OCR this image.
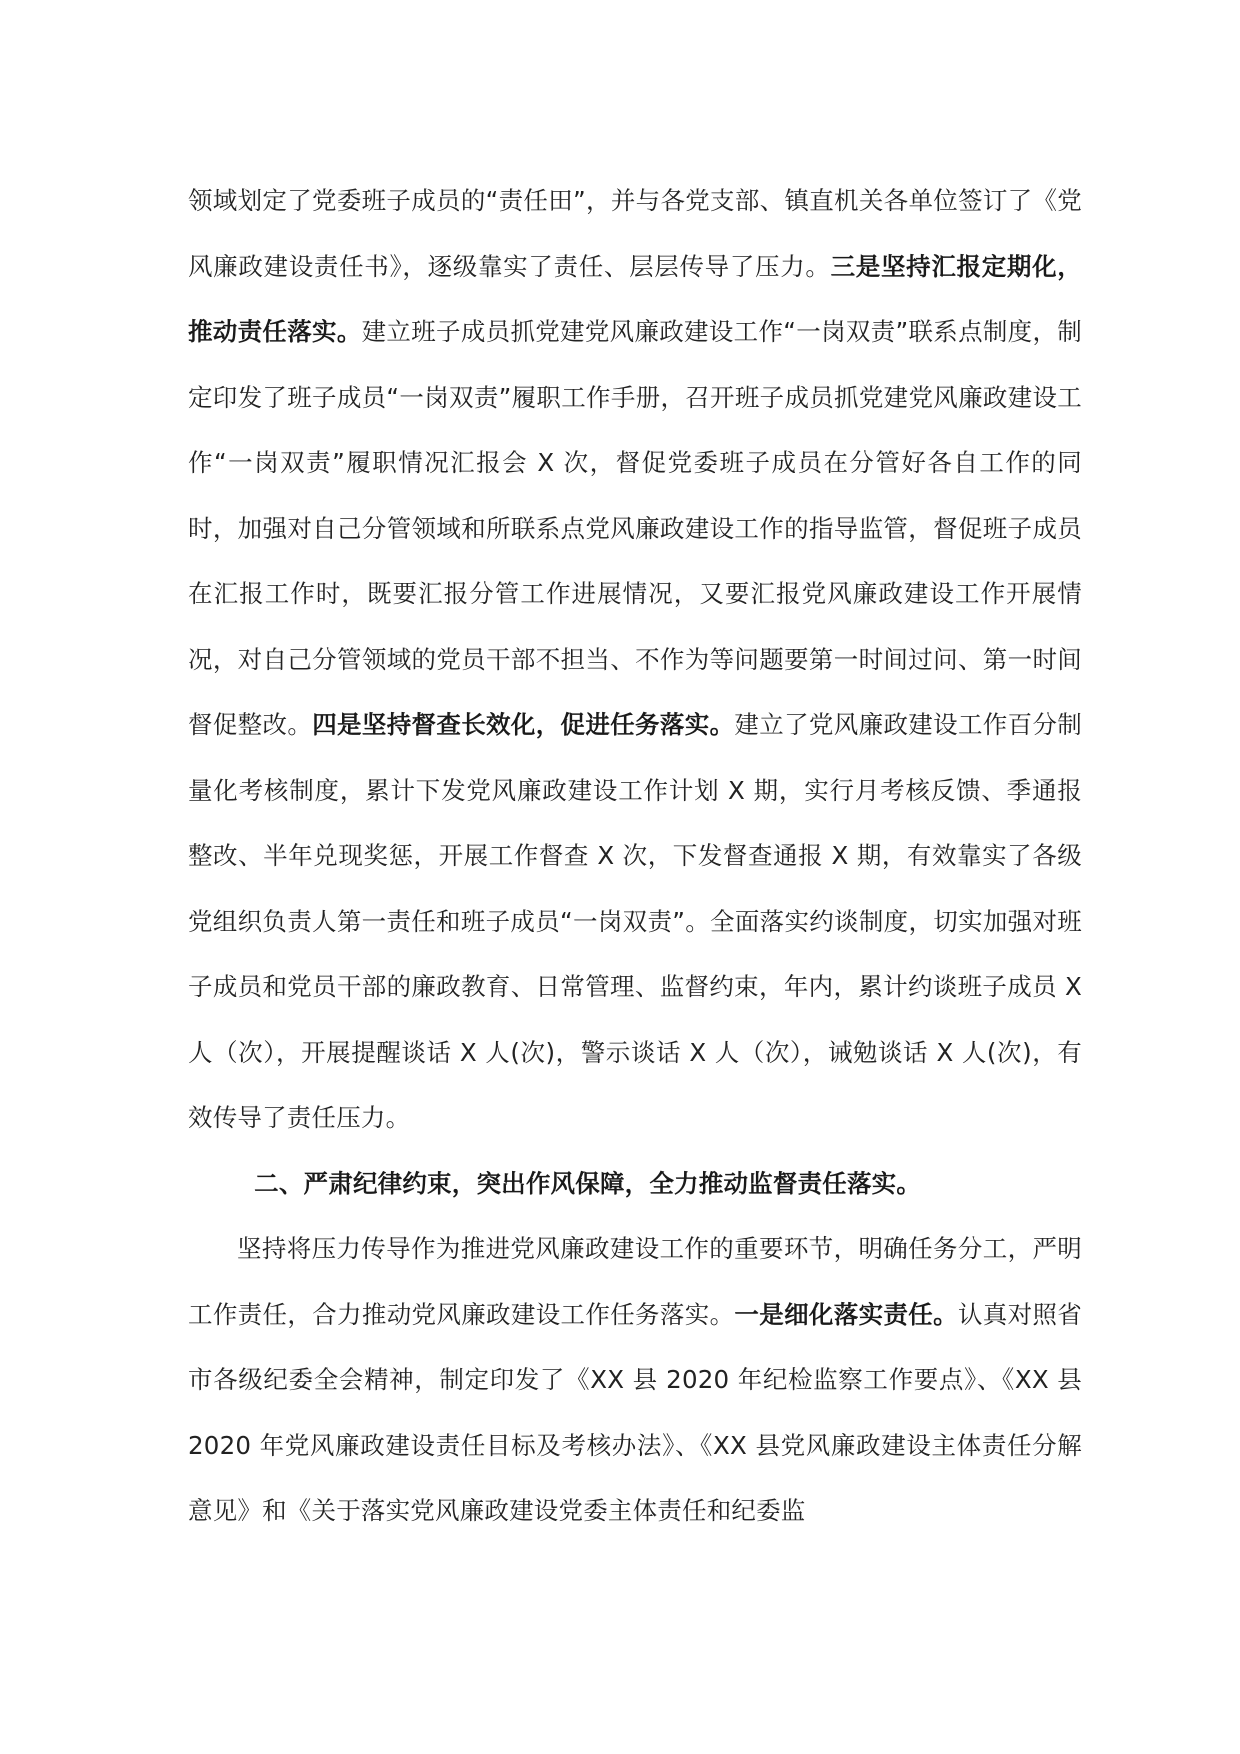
领域划定了党委班子成员的“责任田”，并与各党支部、镇直机关各单位签订了《党风廉政建设责任书》，逐级靠实了责任、层层传导了压力。三是坚持汇报定期化，推动责任落实。建立班子成员抓党建党风廉政建设工作“一岗双责”联系点制度，制定印发了班子成员“一岗双责”履职工作手册，召开班子成员抓党建党风廉政建设工作“一岗双责”履职情况汇报会 X 次，督促党委班子成员在分管好各自工作的同时，加强对自己分管领域和所联系点党风廉政建设工作的指导监管，督促班子成员在汇报工作时，既要汇报分管工作进展情况，又要汇报党风廉政建设工作开展情况，对自己分管领域的党员干部不担当、不作为等问题要第一时间过问、第一时间督促整改。四是坚持督查长效化，促进任务落实。建立了党风廉政建设工作百分制量化考核制度，累计下发党风廉政建设工作计划 X 期，实行月考核反馈、季通报整改、半年兑现奖惩，开展工作督查 X 次，下发督查通报 X 期，有效靠实了各级党组织负责人第一责任和班子成员“一岗双责”。全面落实约谈制度，切实加强对班子成员和党员干部的廉政教育、日常管理、监督约束，年内，累计约谈班子成员 X 人（次），开展提醒谈话 X 人(次)，警示谈话 X 人（次），诫勉谈话 X 人(次)，有效传导了责任压力。

二、严肃纪律约束，突出作风保障，全力推动监督责任落实。

坚持将压力传导作为推进党风廉政建设工作的重要环节，明确任务分工，严明工作责任，合力推动党风廉政建设工作任务落实。一是细化落实责任。认真对照省市各级纪委全会精神，制定印发了《XX 县 2020 年纪检监察工作要点》、《XX 县 2020 年党风廉政建设责任目标及考核办法》、《XX 县党风廉政建设主体责任分解意见》和《关于落实党风廉政建设党委主体责任和纪委监
